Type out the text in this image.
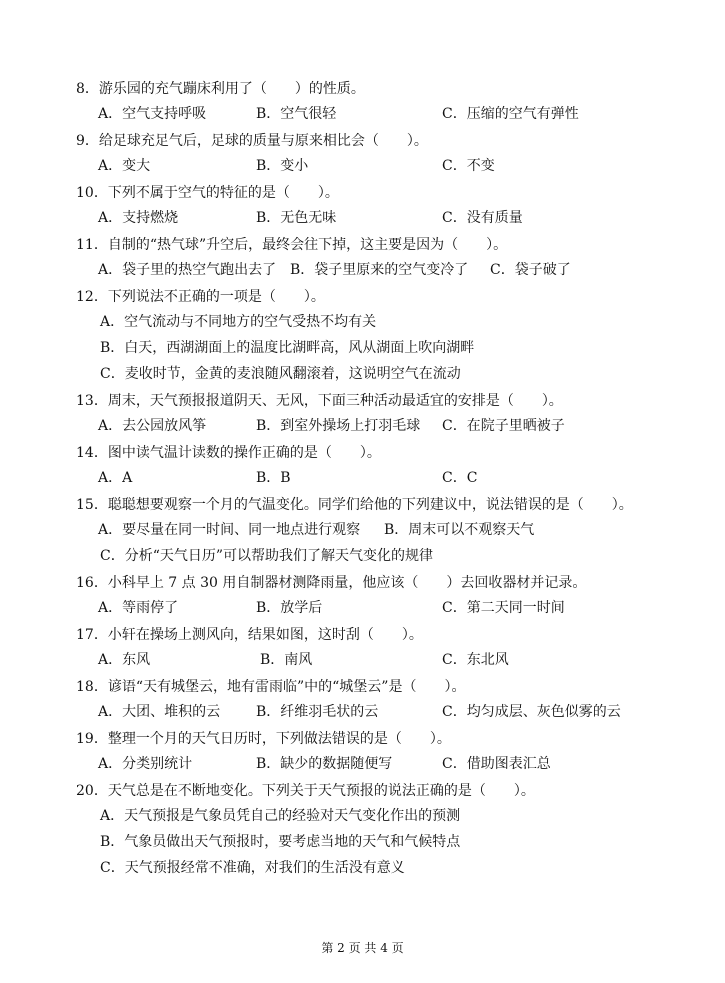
8．游乐园的充气蹦床利用了（　　）的性质。
A．空气支持呼吸	B．空气很轻	C．压缩的空气有弹性
9．给足球充足气后，足球的质量与原来相比会（　　）。
A．变大	B．变小	C．不变
10．下列不属于空气的特征的是（　　）。
A．支持燃烧	B．无色无味	C．没有质量
11．自制的“热气球”升空后，最终会往下掉，这主要是因为（　　）。
A．袋子里的热空气跑出去了 B．袋子里原来的空气变冷了 C．袋子破了
12．下列说法不正确的一项是（　　）。
A．空气流动与不同地方的空气受热不均有关
B．白天，西湖湖面上的温度比湖畔高，风从湖面上吹向湖畔
C．麦收时节，金黄的麦浪随风翻滚着，这说明空气在流动
13．周末，天气预报报道阴天、无风，下面三种活动最适宜的安排是（　　）。
A．去公园放风筝	B．到室外操场上打羽毛球 C．在院子里晒被子
14．图中读气温计读数的操作正确的是（　　）。
A．A	B．B	C．C
15．聪聪想要观察一个月的气温变化。同学们给他的下列建议中，说法错误的是（　　）。
A．要尽量在同一时间、同一地点进行观察 B．周末可以不观察天气
C．分析“天气日历”可以帮助我们了解天气变化的规律
16．小科早上 7 点 30 用自制器材测降雨量，他应该（　　）去回收器材并记录。
A．等雨停了	B．放学后	C．第二天同一时间
17．小轩在操场上测风向，结果如图，这时刮（　　）。
A．东风	B．南风	C．东北风
18．谚语“天有城堡云，地有雷雨临”中的“城堡云”是（　　）。
A．大团、堆积的云	B．纤维羽毛状的云	C．均匀成层、灰色似雾的云
19．整理一个月的天气日历时，下列做法错误的是（　　）。
A．分类别统计	B．缺少的数据随便写	C．借助图表汇总
20．天气总是在不断地变化。下列关于天气预报的说法正确的是（　　）。
A．天气预报是气象员凭自己的经验对天气变化作出的预测
B．气象员做出天气预报时，要考虑当地的天气和气候特点
C．天气预报经常不准确，对我们的生活没有意义
第 2 页 共 4 页
